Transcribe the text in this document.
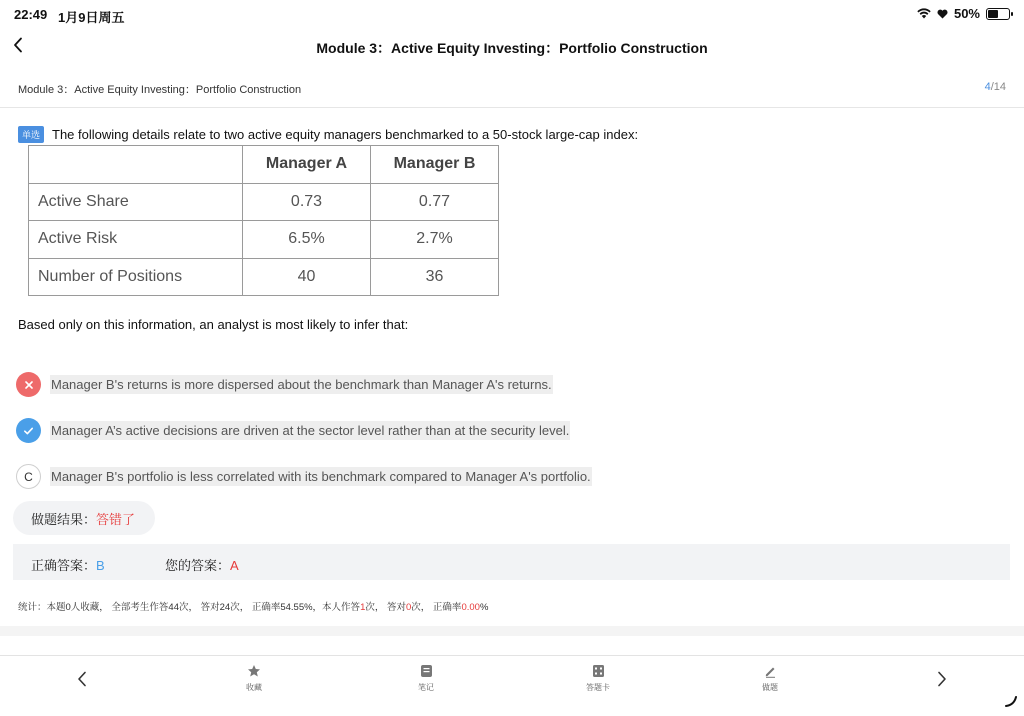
22:49 1月9日周五	50%
Module 3：Active Equity Investing：Portfolio Construction
Module 3：Active Equity Investing：Portfolio Construction	4/14
单选 The following details relate to two active equity managers benchmarked to a 50-stock large-cap index:
	Manager A	Manager B
Active Share	0.73	0.77
Active Risk	6.5%	2.7%
Number of Positions	40	36
Based only on this information, an analyst is most likely to infer that:
Manager B's returns is more dispersed about the benchmark than Manager A's returns.
Manager A’s active decisions are driven at the sector level rather than at the security level.
C	Manager B's portfolio is less correlated with its benchmark compared to Manager A's portfolio.
做题结果： 答错了
正确答案：B	您的答案：A
统计：本题0人收藏， 全部考生作答44次， 答对24次， 正确率54.55%，本人作答1次， 答对0次， 正确率0.00%
收藏	笔记	答题卡	做题
